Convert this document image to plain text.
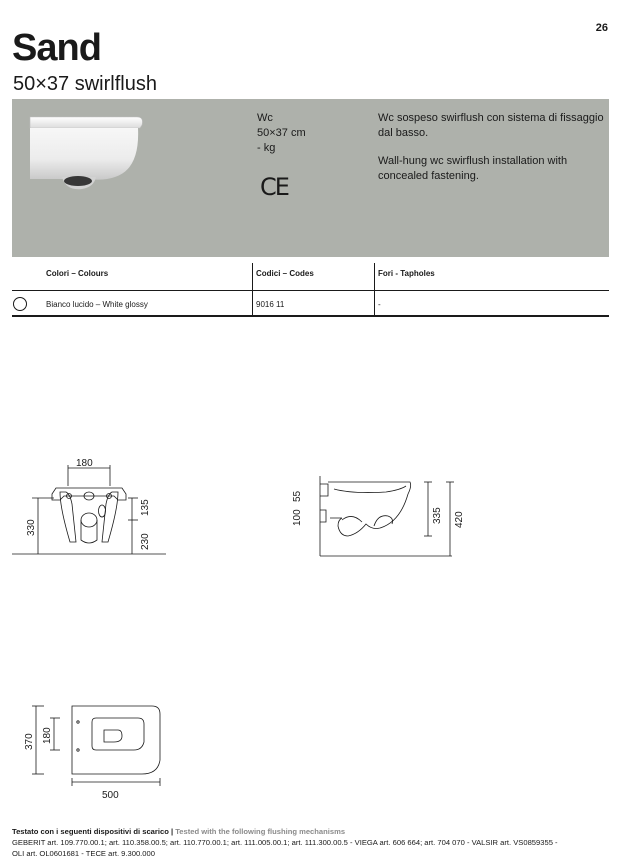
26
Sand
50×37 swirlflush
Wc
50×37 cm
- kg
CE

Wc sospeso swirflush con sistema di fissaggio dal basso.

Wall-hung wc swirflush installation with concealed fastening.

Colori – Colours	Codici – Codes	Fori - Tapholes
Bianco lucido – White glossy	9016 11	-
180
330
135
230
55
100	335 420
370 180
500
Testato con i seguenti dispositivi di scarico | Tested with the following flushing mechanisms
GEBERIT art. 109.770.00.1; art. 110.358.00.5; art. 110.770.00.1; art. 111.005.00.1; art. 111.300.00.5 - VIEGA art. 606 664; art. 704 070 - VALSIR art. VS0859355 -
OLI art. OL0601681 - TECE art. 9.300.000
